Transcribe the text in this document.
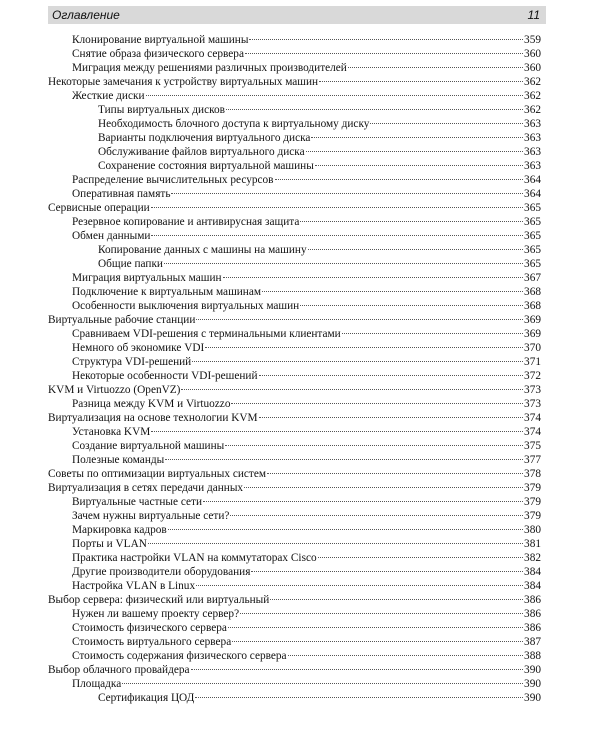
Оглавление	11
Клонирование виртуальной машины	359
Снятие образа физического сервера	360
Миграция между решениями различных производителей	360
Некоторые замечания к устройству виртуальных машин	362
Жесткие диски	362
Типы виртуальных дисков	362
Необходимость блочного доступа к виртуальному диску	363
Варианты подключения виртуального диска	363
Обслуживание файлов виртуального диска	363
Сохранение состояния виртуальной машины	363
Распределение вычислительных ресурсов	364
Оперативная память	364
Сервисные операции	365
Резервное копирование и антивирусная защита	365
Обмен данными	365
Копирование данных с машины на машину	365
Общие папки	365
Миграция виртуальных машин	367
Подключение к виртуальным машинам	368
Особенности выключения виртуальных машин	368
Виртуальные рабочие станции	369
Сравниваем VDI-решения с терминальными клиентами	369
Немного об экономике VDI	370
Структура VDI-решений	371
Некоторые особенности VDI-решений	372
KVM и Virtuozzo (OpenVZ)	373
Разница между KVM и Virtuozzo	373
Виртуализация на основе технологии KVM	374
Установка KVM	374
Создание виртуальной машины	375
Полезные команды	377
Советы по оптимизации виртуальных систем	378
Виртуализация в сетях передачи данных	379
Виртуальные частные сети	379
Зачем нужны виртуальные сети?	379
Маркировка кадров	380
Порты и VLAN	381
Практика настройки VLAN на коммутаторах Cisco	382
Другие производители оборудования	384
Настройка VLAN в Linux	384
Выбор сервера: физический или виртуальный	386
Нужен ли вашему проекту сервер?	386
Стоимость физического сервера	386
Стоимость виртуального сервера	387
Стоимость содержания физического сервера	388
Выбор облачного провайдера	390
Площадка	390
Сертификация ЦОД	390
